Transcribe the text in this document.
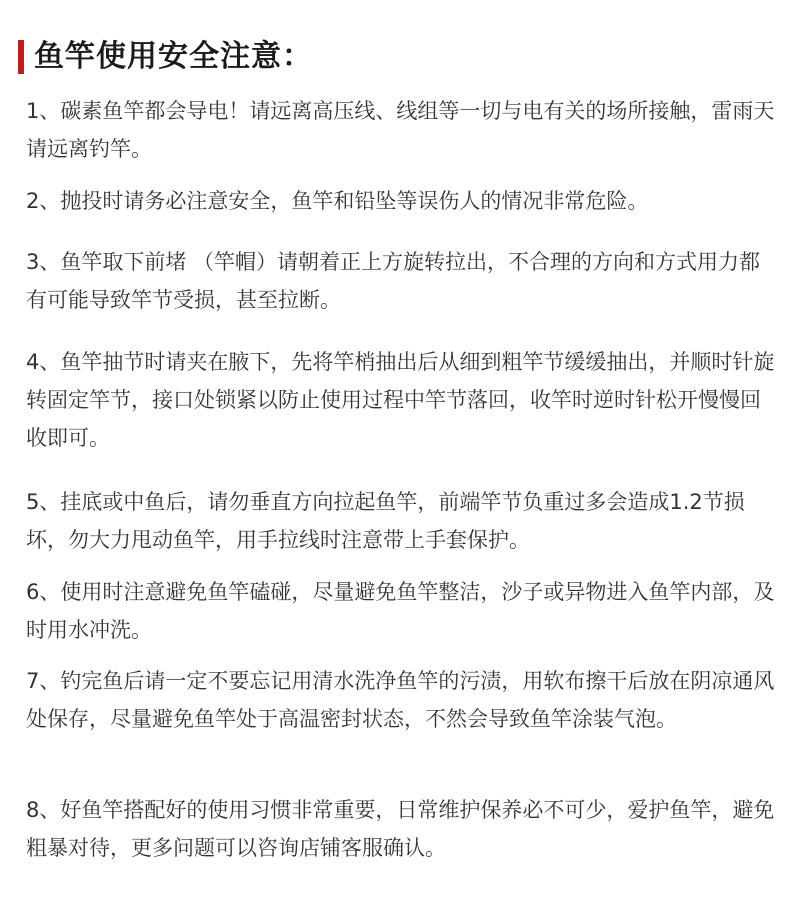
鱼竿使用安全注意：
1、碳素鱼竿都会导电！请远离高压线、线组等一切与电有关的场所接触，雷雨天请远离钓竿。
2、抛投时请务必注意安全，鱼竿和铅坠等误伤人的情况非常危险。
3、鱼竿取下前堵 （竿帽）请朝着正上方旋转拉出，不合理的方向和方式用力都有可能导致竿节受损，甚至拉断。
4、鱼竿抽节时请夹在腋下，先将竿梢抽出后从细到粗竿节缓缓抽出，并顺时针旋转固定竿节，接口处锁紧以防止使用过程中竿节落回，收竿时逆时针松开慢慢回收即可。
5、挂底或中鱼后，请勿垂直方向拉起鱼竿，前端竿节负重过多会造成1.2节损坏，勿大力甩动鱼竿，用手拉线时注意带上手套保护。
6、使用时注意避免鱼竿磕碰，尽量避免鱼竿整洁，沙子或异物进入鱼竿内部，及时用水冲洗。
7、钓完鱼后请一定不要忘记用清水洗净鱼竿的污渍，用软布擦干后放在阴凉通风处保存，尽量避免鱼竿处于高温密封状态，不然会导致鱼竿涂装气泡。
8、好鱼竿搭配好的使用习惯非常重要，日常维护保养必不可少，爱护鱼竿，避免粗暴对待，更多问题可以咨询店铺客服确认。
